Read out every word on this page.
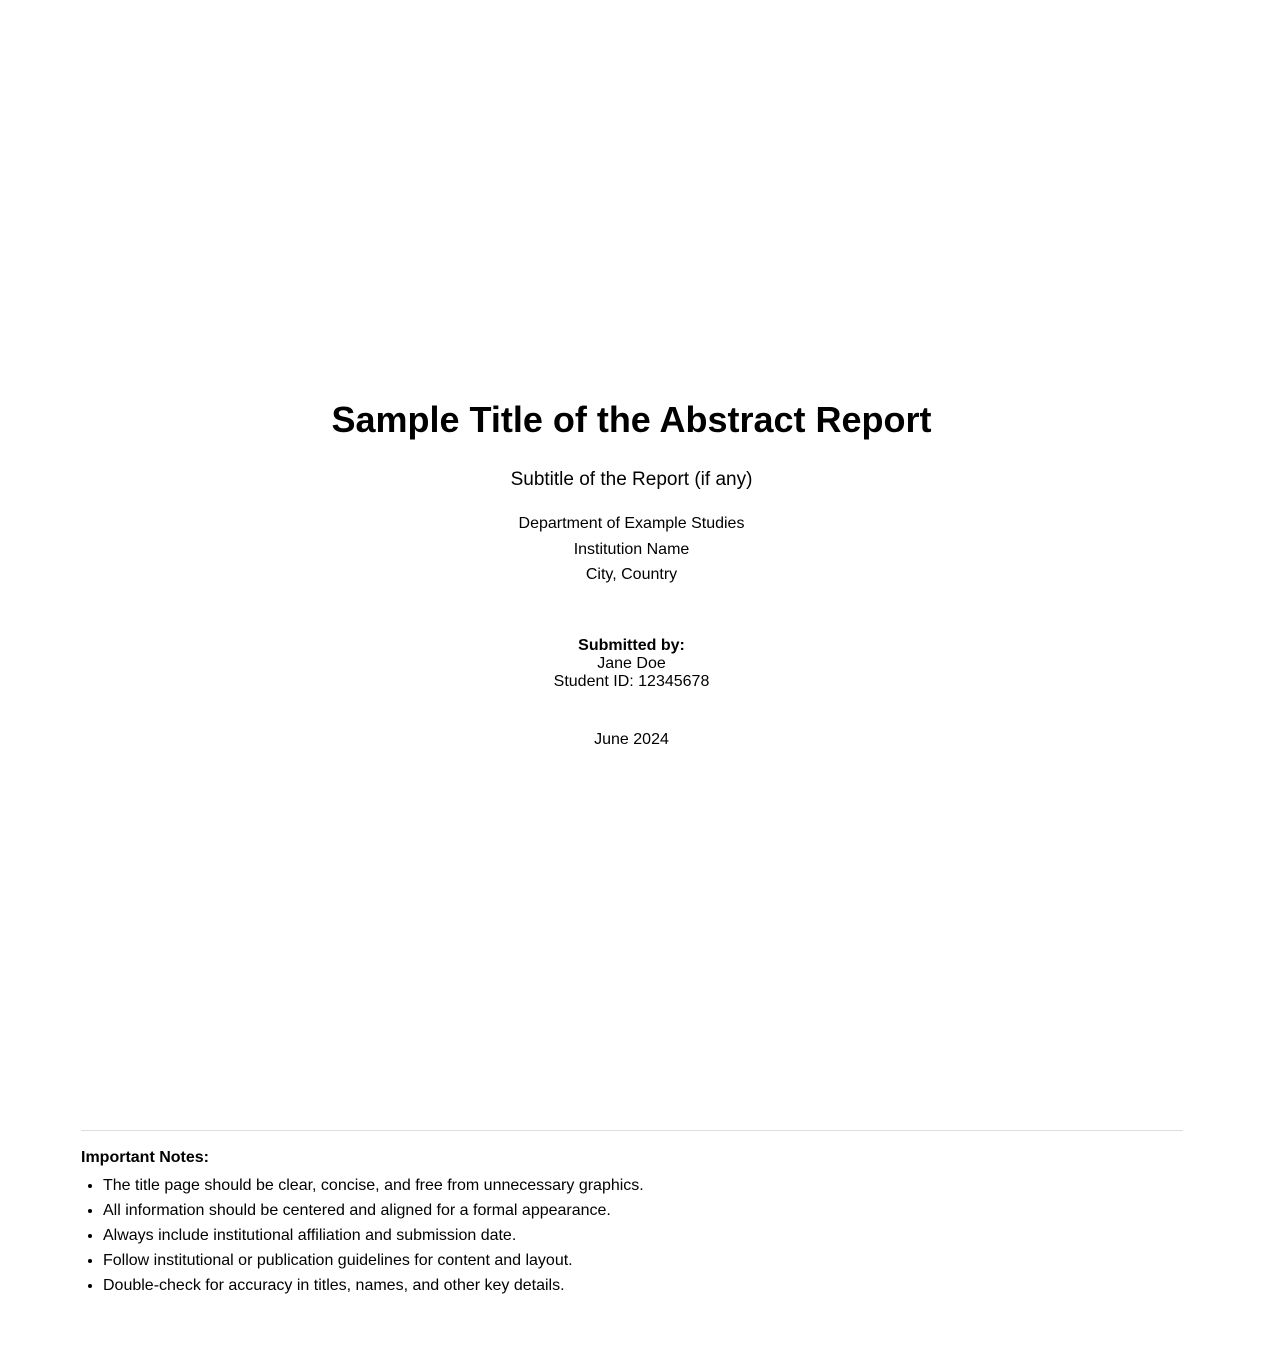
Sample Title of the Abstract Report
Subtitle of the Report (if any)
Department of Example Studies
Institution Name
City, Country
Submitted by:
Jane Doe
Student ID: 12345678
June 2024
Important Notes:
• The title page should be clear, concise, and free from unnecessary graphics.
• All information should be centered and aligned for a formal appearance.
• Always include institutional affiliation and submission date.
• Follow institutional or publication guidelines for content and layout.
• Double-check for accuracy in titles, names, and other key details.
